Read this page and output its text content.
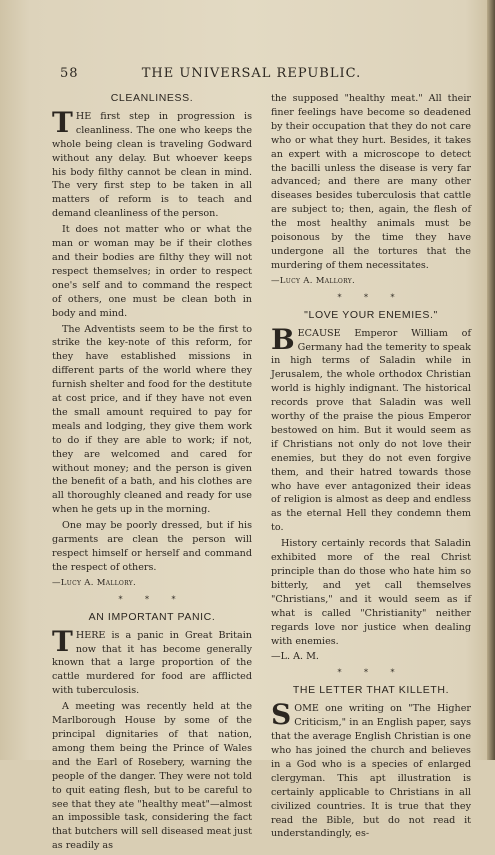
58	THE UNIVERSAL REPUBLIC.
CLEANLINESS.

THE first step in progression is cleanliness. The one who keeps the whole being clean is traveling Godward without any delay. But whoever keeps his body filthy cannot be clean in mind. The very first step to be taken in all matters of reform is to teach and demand cleanliness of the person.

It does not matter who or what the man or woman may be if their clothes and their bodies are filthy they will not respect themselves; in order to respect one's self and to command the respect of others, one must be clean both in body and mind.

The Adventists seem to be the first to strike the key-note of this reform, for they have established missions in different parts of the world where they furnish shelter and food for the destitute at cost price, and if they have not even the small amount required to pay for meals and lodging, they give them work to do if they are able to work; if not, they are welcomed and cared for without money; and the person is given the benefit of a bath, and his clothes are all thoroughly cleaned and ready for use when he gets up in the morning.

One may be poorly dressed, but if his garments are clean the person will respect himself or herself and command the respect of others.

—Lucy A. Mallory.

* * *
AN IMPORTANT PANIC.

THERE is a panic in Great Britain now that it has become generally known that a large proportion of the cattle murdered for food are afflicted with tuberculosis.

A meeting was recently held at the Marlborough House by some of the principal dignitaries of that nation, among them being the Prince of Wales and the Earl of Rosebery, warning the people of the danger. They were not told to quit eating flesh, but to be careful to see that they ate "healthy meat"—almost an impossible task, considering the fact that butchers will sell diseased meat just as readily as

the supposed "healthy meat." All their finer feelings have become so deadened by their occupation that they do not care who or what they hurt. Besides, it takes an expert with a microscope to detect the bacilli unless the disease is very far advanced; and there are many other diseases besides tuberculosis that cattle are subject to; then, again, the flesh of the most healthy animals must be poisonous by the time they have undergone all the tortures that the murdering of them necessitates.

—Lucy A. Mallory.

* * *
"LOVE YOUR ENEMIES."

BECAUSE Emperor William of Germany had the temerity to speak in high terms of Saladin while in Jerusalem, the whole orthodox Christian world is highly indignant. The historical records prove that Saladin was well worthy of the praise the pious Emperor bestowed on him. But it would seem as if Christians not only do not love their enemies, but they do not even forgive them, and their hatred towards those who have ever antagonized their ideas of religion is almost as deep and endless as the eternal Hell they condemn them to.

History certainly records that Saladin exhibited more of the real Christ principle than do those who hate him so bitterly, and yet call themselves "Christians," and it would seem as if what is called "Christianity" neither regards love nor justice when dealing with enemies.

—L. A. M.

* * *
THE LETTER THAT KILLETH.

SOME one writing on "The Higher Criticism," in an English paper, says that the average English Christian is one who has joined the church and believes in a God who is a species of enlarged clergyman. This apt illustration is certainly applicable to Christians in all civilized countries. It is true that they read the Bible, but do not read it understandingly, es-
